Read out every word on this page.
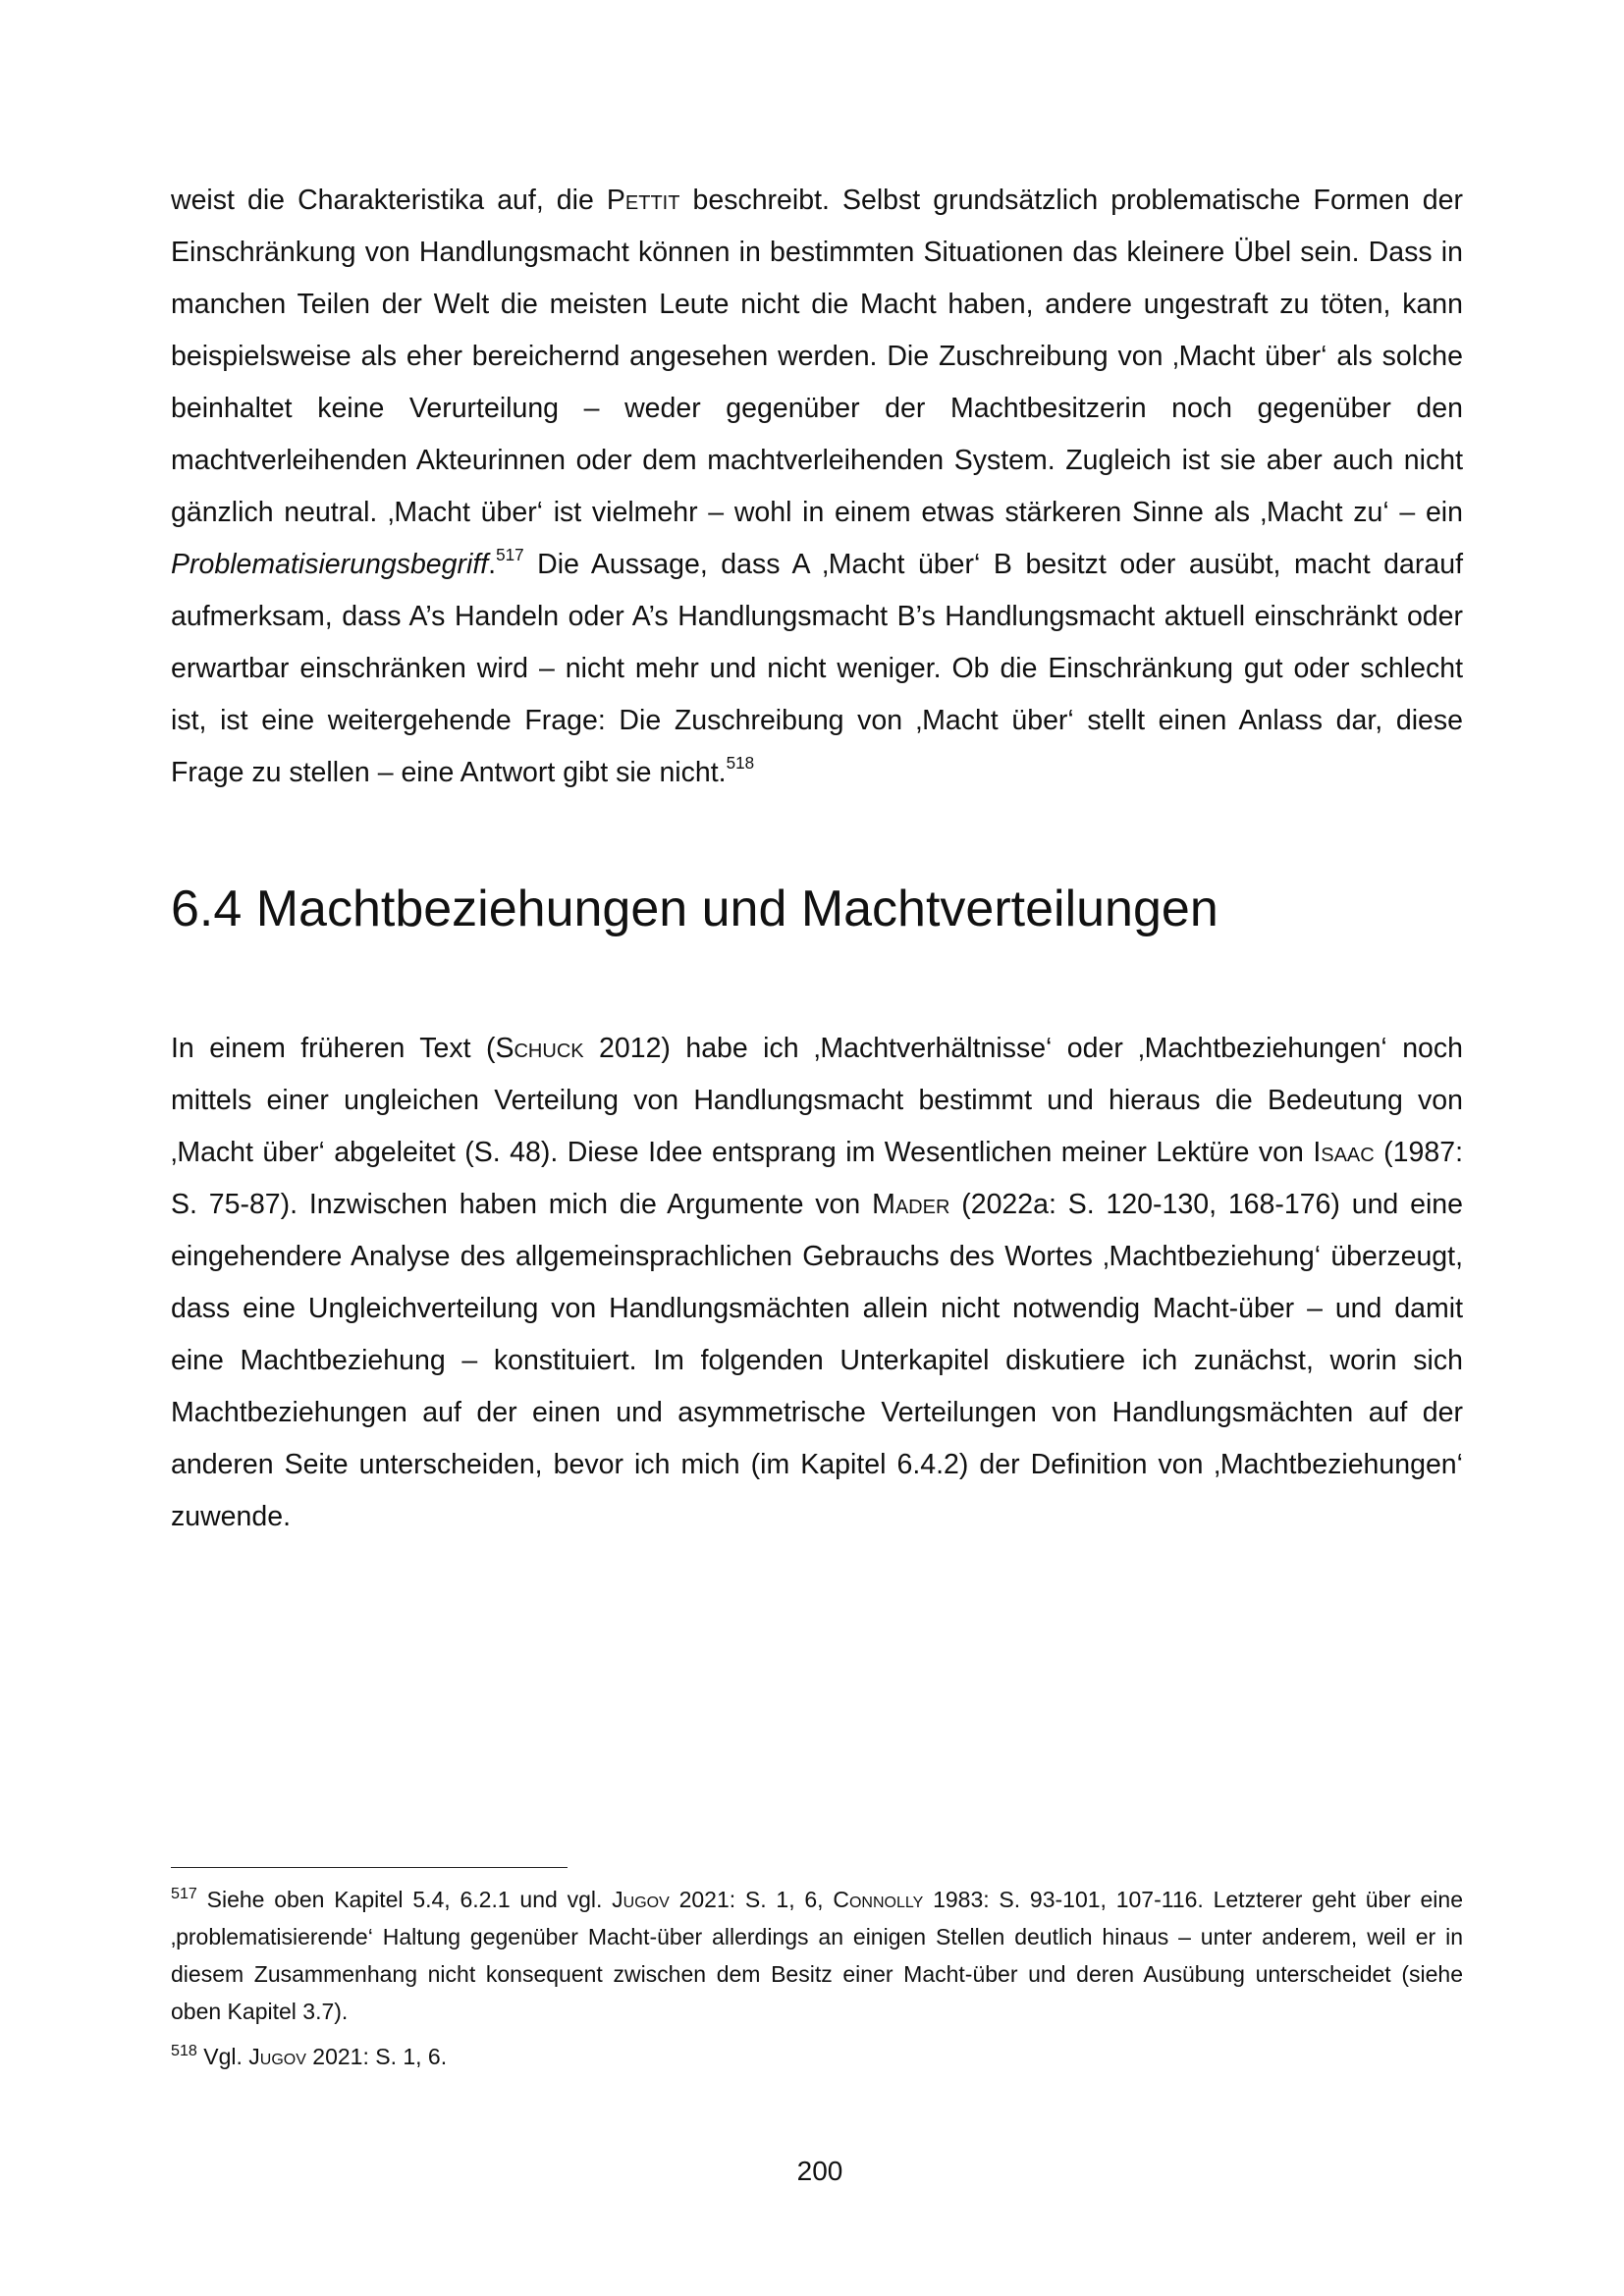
weist die Charakteristika auf, die Pettit beschreibt. Selbst grundsätzlich problematische Formen der Einschränkung von Handlungsmacht können in bestimmten Situationen das kleinere Übel sein. Dass in manchen Teilen der Welt die meisten Leute nicht die Macht haben, andere ungestraft zu töten, kann beispielsweise als eher bereichernd angesehen werden. Die Zuschreibung von ‚Macht über‘ als solche beinhaltet keine Verurteilung – weder gegenüber der Machtbesitzerin noch gegenüber den machtverleihenden Akteurinnen oder dem machtverleihenden System. Zugleich ist sie aber auch nicht gänzlich neutral. ‚Macht über‘ ist vielmehr – wohl in einem etwas stärkeren Sinne als ‚Macht zu‘ – ein Problematisierungsbegriff.$^{517}$ Die Aussage, dass A ‚Macht über‘ B besitzt oder ausübt, macht darauf aufmerksam, dass A’s Handeln oder A’s Handlungsmacht B’s Handlungsmacht aktuell einschränkt oder erwartbar einschränken wird – nicht mehr und nicht weniger. Ob die Einschränkung gut oder schlecht ist, ist eine weitergehende Frage: Die Zuschreibung von ‚Macht über‘ stellt einen Anlass dar, diese Frage zu stellen – eine Antwort gibt sie nicht.$^{518}$

6.4 Machtbeziehungen und Machtverteilungen

In einem früheren Text (Schuck 2012) habe ich ‚Machtverhältnisse‘ oder ‚Machtbeziehungen‘ noch mittels einer ungleichen Verteilung von Handlungsmacht bestimmt und hieraus die Bedeutung von ‚Macht über‘ abgeleitet (S. 48). Diese Idee entsprang im Wesentlichen meiner Lektüre von Isaac (1987: S. 75-87). Inzwischen haben mich die Argumente von Mader (2022a: S. 120-130, 168-176) und eine eingehendere Analyse des allgemeinsprachlichen Gebrauchs des Wortes ‚Machtbeziehung‘ überzeugt, dass eine Ungleichverteilung von Handlungsmächten allein nicht notwendig Macht-über – und damit eine Machtbeziehung – konstituiert. Im folgenden Unterkapitel diskutiere ich zunächst, worin sich Machtbeziehungen auf der einen und asymmetrische Verteilungen von Handlungsmächten auf der anderen Seite unterscheiden, bevor ich mich (im Kapitel 6.4.2) der Definition von ‚Machtbeziehungen‘ zuwende.

$^{517}$ Siehe oben Kapitel 5.4, 6.2.1 und vgl. Jugov 2021: S. 1, 6, Connolly 1983: S. 93-101, 107-116. Letzterer geht über eine ‚problematisierende‘ Haltung gegenüber Macht-über allerdings an einigen Stellen deutlich hinaus – unter anderem, weil er in diesem Zusammenhang nicht konsequent zwischen dem Besitz einer Macht-über und deren Ausübung unterscheidet (siehe oben Kapitel 3.7).

$^{518}$ Vgl. Jugov 2021: S. 1, 6.

200
